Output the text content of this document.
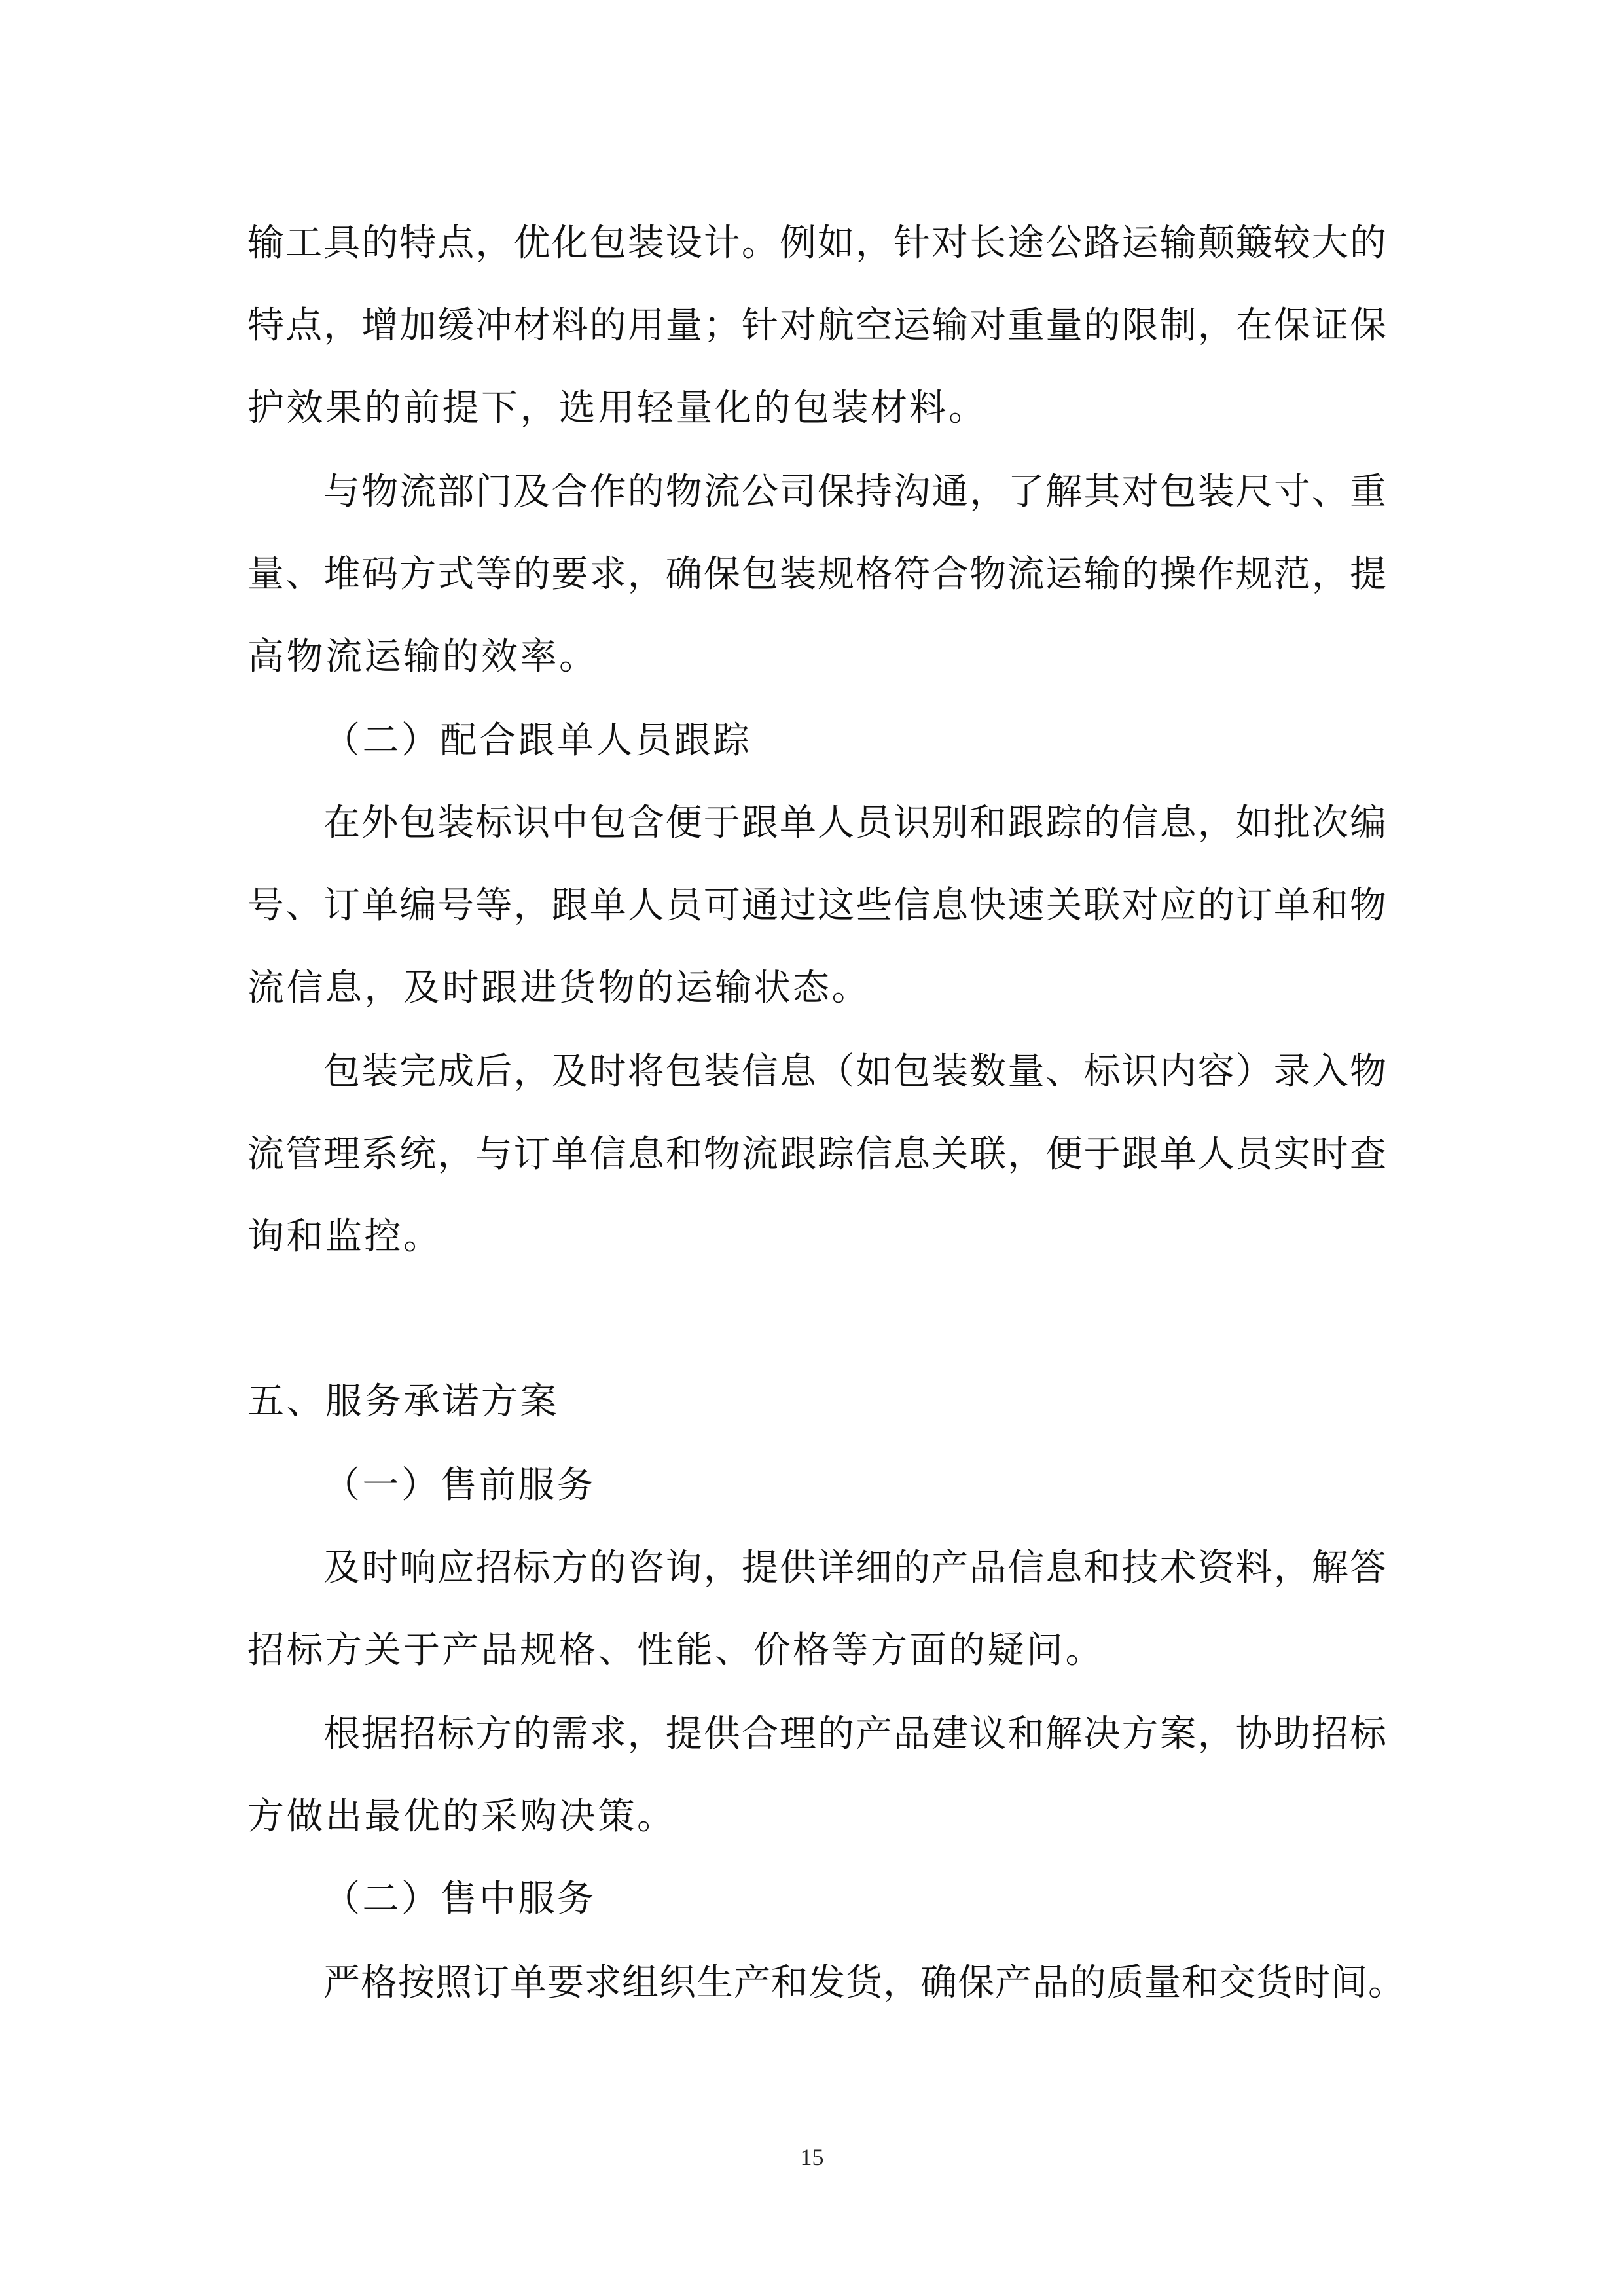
输工具的特点，优化包装设计。例如，针对长途公路运输颠簸较大的
特点，增加缓冲材料的用量；针对航空运输对重量的限制，在保证保
护效果的前提下，选用轻量化的包装材料。
与物流部门及合作的物流公司保持沟通，了解其对包装尺寸、重
量、堆码方式等的要求，确保包装规格符合物流运输的操作规范，提
高物流运输的效率。
（二）配合跟单人员跟踪
在外包装标识中包含便于跟单人员识别和跟踪的信息，如批次编
号、订单编号等，跟单人员可通过这些信息快速关联对应的订单和物
流信息，及时跟进货物的运输状态。
包装完成后，及时将包装信息（如包装数量、标识内容）录入物
流管理系统，与订单信息和物流跟踪信息关联，便于跟单人员实时查
询和监控。
五、服务承诺方案
（一）售前服务
及时响应招标方的咨询，提供详细的产品信息和技术资料，解答
招标方关于产品规格、性能、价格等方面的疑问。
根据招标方的需求，提供合理的产品建议和解决方案，协助招标
方做出最优的采购决策。
（二）售中服务
严格按照订单要求组织生产和发货，确保产品的质量和交货时间。
15
